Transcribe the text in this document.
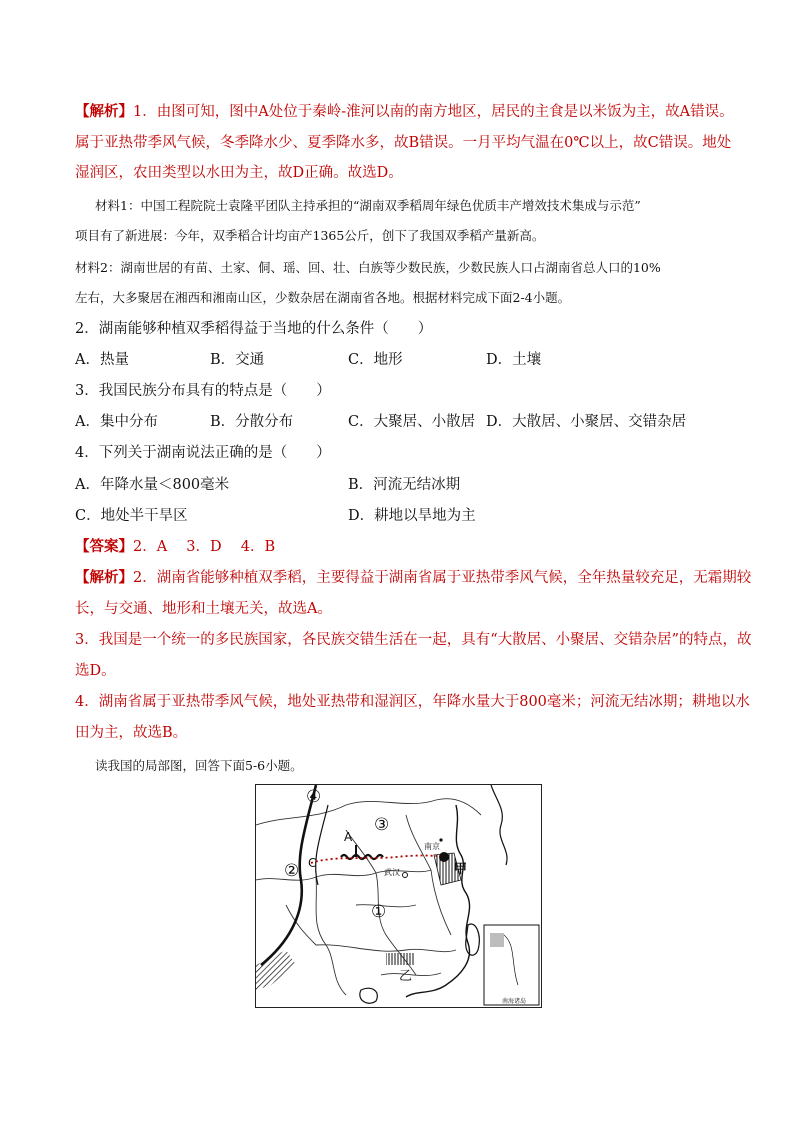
【解析】1．由图可知，图中A处位于秦岭-淮河以南的南方地区，居民的主食是以米饭为主，故A错误。
属于亚热带季风气候，冬季降水少、夏季降水多，故B错误。一月平均气温在0℃以上，故C错误。地处
湿润区，农田类型以水田为主，故D正确。故选D。
材料1：中国工程院院士袁隆平团队主持承担的“湖南双季稻周年绿色优质丰产增效技术集成与示范”
项目有了新进展：今年，双季稻合计均亩产1365公斤，创下了我国双季稻产量新高。
材料2：湖南世居的有苗、土家、侗、瑶、回、壮、白族等少数民族，少数民族人口占湖南省总人口的10%
左右，大多聚居在湘西和湘南山区，少数杂居在湖南省各地。根据材料完成下面2-4小题。
2．湖南能够种植双季稻得益于当地的什么条件（　　）
A．热量	B．交通	C．地形	D．土壤
3．我国民族分布具有的特点是（　　）
A．集中分布	B．分散分布	C．大聚居、小散居 D．大散居、小聚居、交错杂居
4．下列关于湖南说法正确的是（　　）
A．年降水量＜800毫米	B．河流无结冰期
C．地处半干旱区	D．耕地以旱地为主
【答案】2．A　 3．D　 4．B
【解析】2．湖南省能够种植双季稻，主要得益于湖南省属于亚热带季风气候，全年热量较充足，无霜期较
长，与交通、地形和土壤无关，故选A。
3．我国是一个统一的多民族国家，各民族交错生活在一起，具有“大散居、小聚居、交错杂居”的特点，故
选D。
4．湖南省属于亚热带季风气候，地处亚热带和湿润区，年降水量大于800毫米；河流无结冰期；耕地以水
田为主，故选B。
读我国的局部图，回答下面5-6小题。
④
③
②
①
A
C
南京
武汉	甲
乙
南海诸岛
